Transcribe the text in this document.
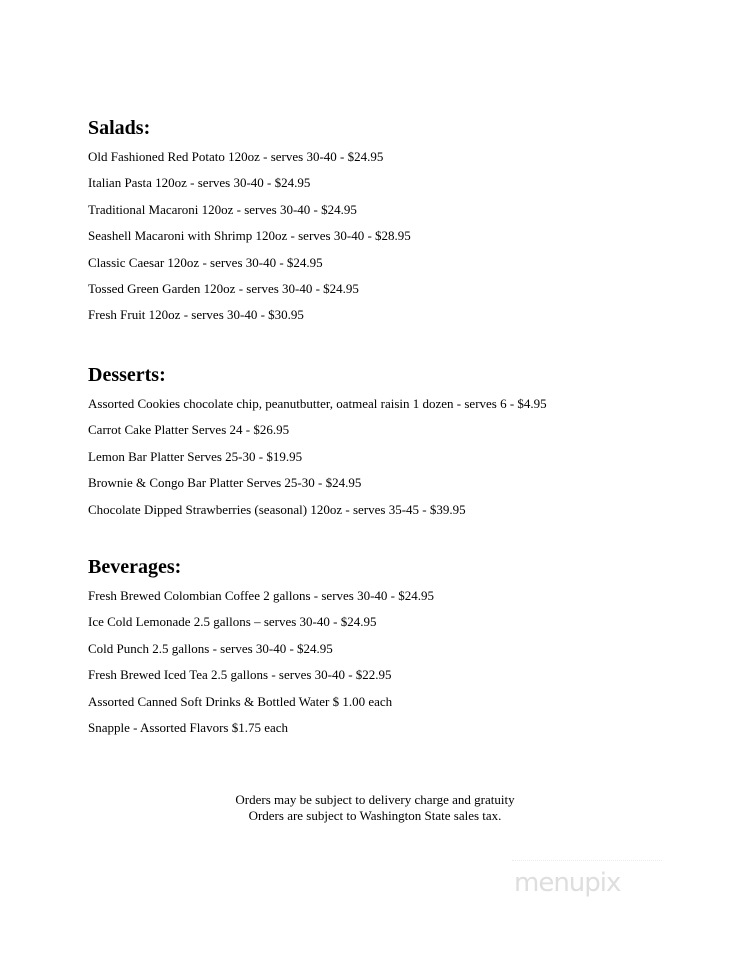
Salads:
Old Fashioned Red Potato 120oz - serves 30-40 - $24.95
Italian Pasta 120oz - serves 30-40 - $24.95
Traditional Macaroni 120oz - serves 30-40 - $24.95
Seashell Macaroni with Shrimp 120oz - serves 30-40 - $28.95
Classic Caesar 120oz - serves 30-40 - $24.95
Tossed Green Garden 120oz - serves 30-40 - $24.95
Fresh Fruit 120oz - serves 30-40 - $30.95
Desserts:
Assorted Cookies chocolate chip, peanutbutter, oatmeal raisin 1 dozen - serves 6 - $4.95
Carrot Cake Platter Serves 24 - $26.95
Lemon Bar Platter Serves 25-30 - $19.95
Brownie & Congo Bar Platter Serves 25-30 - $24.95
Chocolate Dipped Strawberries (seasonal) 120oz - serves 35-45 - $39.95
Beverages:
Fresh Brewed Colombian Coffee 2 gallons - serves 30-40 - $24.95
Ice Cold Lemonade 2.5 gallons – serves 30-40 - $24.95
Cold Punch 2.5 gallons - serves 30-40 - $24.95
Fresh Brewed Iced Tea 2.5 gallons - serves 30-40 - $22.95
Assorted Canned Soft Drinks & Bottled Water $ 1.00 each
Snapple - Assorted Flavors $1.75 each
Orders may be subject to delivery charge and gratuity
Orders are subject to Washington State sales tax.
menupix
